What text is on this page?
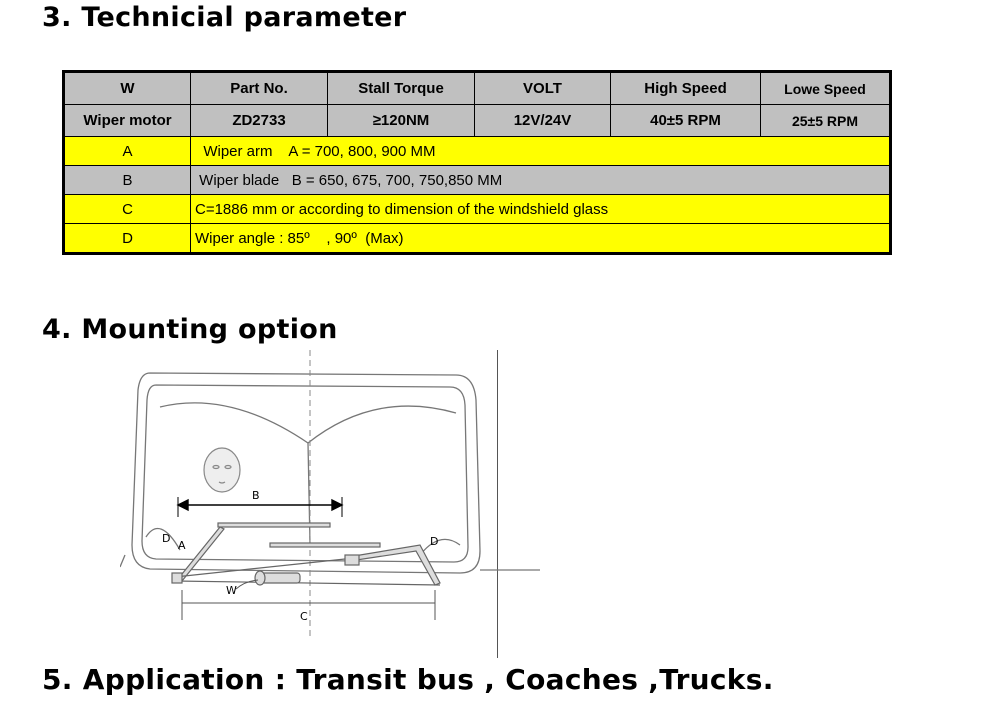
3. Technicial parameter
W	Part No.	Stall Torque	VOLT	High Speed	Lowe Speed
Wiper motor	ZD2733	≥120NM	12V/24V	40±5 RPM	25±5 RPM
A	Wiper arm    A = 700, 800, 900 MM				
B	Wiper blade   B = 650, 675, 700, 750,850 MM				
C	C=1886 mm or according to dimension of the windshield glass				
D	Wiper angle : 85º    , 90º  (Max)				
4. Mounting option
B
D
A	D
W
C
5. Application : Transit bus , Coaches ,Trucks.
